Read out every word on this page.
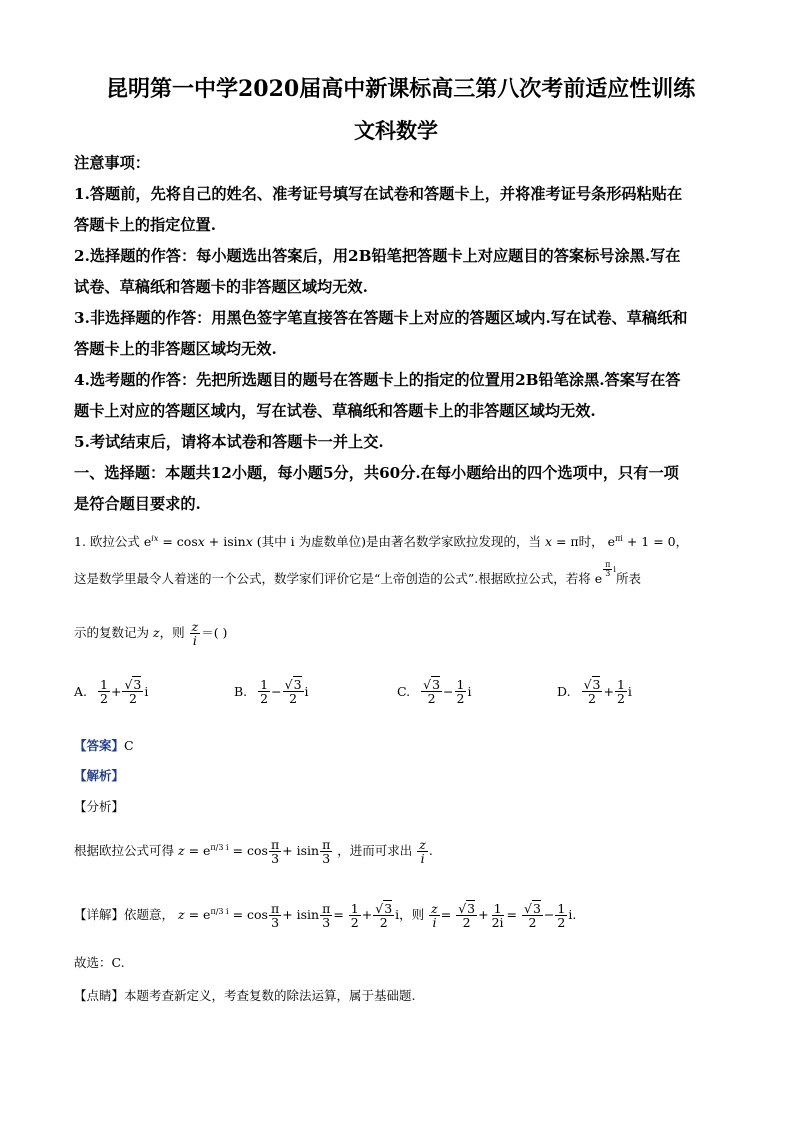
昆明第一中学2020届高中新课标高三第八次考前适应性训练
文科数学
注意事项：
1.答题前，先将自己的姓名、准考证号填写在试卷和答题卡上，并将准考证号条形码粘贴在
答题卡上的指定位置.
2.选择题的作答：每小题选出答案后，用2B铅笔把答题卡上对应题目的答案标号涂黑.写在
试卷、草稿纸和答题卡的非答题区域均无效.
3.非选择题的作答：用黑色签字笔直接答在答题卡上对应的答题区域内.写在试卷、草稿纸和
答题卡上的非答题区域均无效.
4.选考题的作答：先把所选题目的题号在答题卡上的指定的位置用2B铅笔涂黑.答案写在答
题卡上对应的答题区域内，写在试卷、草稿纸和答题卡上的非答题区域均无效.
5.考试结束后，请将本试卷和答题卡一并上交.
一、选择题：本题共12小题，每小题5分，共60分.在每小题给出的四个选项中，只有一项
是符合题目要求的.
1. 欧拉公式 $e^{ix} = \cos x + isinx$ (其中 i 为虚数单位)是由著名数学家欧拉发现的，当 x = π时， $e^{\pi i} + 1 = 0$，
这是数学里最令人着迷的一个公式，数学家们评价它是“上帝创造的公式”.根据欧拉公式，若将 e $^{\frac{\pi}{3} i}$所表
示的复数记为 z，则 $\frac{z}{i}$ ＝( )
A. $\frac{1}{2} + \frac{√3}{2}$ i	B. $\frac{1}{2} - \frac{√3}{2}$ i	C. $\frac{√3}{2} - \frac{1}{2}$ i	D. $\frac{√3}{2} + \frac{1}{2}$ i
【答案】C
【解析】
【分析】
根据欧拉公式可得 $z = e^{\pi/3 i} = \cos \frac{\pi}{3} + isin \frac{\pi}{3}$ ，进而可求出 $\frac{z}{i}$ .
【详解】依题意， $z = e^{\pi/3 i} = \cos \frac{\pi}{3} + isin \frac{\pi}{3} = \frac{1}{2} + \frac{√3}{2}$ i，则 $\frac{z}{i} = \frac{√3}{2} + \frac{1}{2i} = \frac{√3}{2} - \frac{1}{2} i$.
故选：C.
【点睛】本题考查新定义，考查复数的除法运算，属于基础题.
